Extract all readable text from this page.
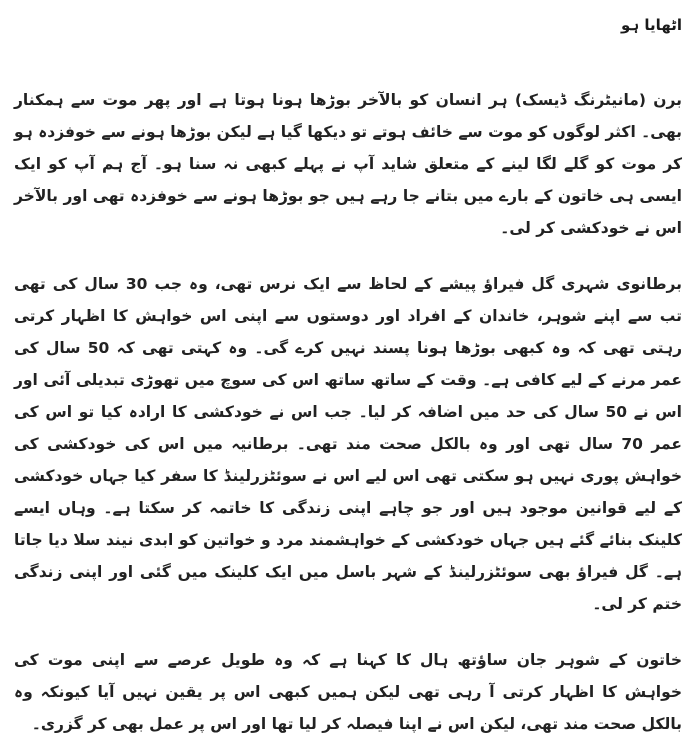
اٹھایا ہو

برن (مانیٹرنگ ڈیسک) ہر انسان کو بالآخر بوڑھا ہونا ہوتا ہے اور پھر موت سے ہمکنار بھی۔ اکثر لوگوں کو موت سے خائف ہوتے تو دیکھا گیا ہے لیکن بوڑھا ہونے سے خوفزدہ ہو کر موت کو گلے لگا لینے کے متعلق شاید آپ نے پہلے کبھی نہ سنا ہو۔ آج ہم آپ کو ایک ایسی ہی خاتون کے بارے میں بتانے جا رہے ہیں جو بوڑھا ہونے سے خوفزدہ تھی اور بالآخر اس نے خودکشی کر لی۔

برطانوی شہری گل فیراؤ پیشے کے لحاظ سے ایک نرس تھی، وہ جب 30 سال کی تھی تب سے اپنے شوہر، خاندان کے افراد اور دوستوں سے اپنی اس خواہش کا اظہار کرتی رہتی تھی کہ وہ کبھی بوڑھا ہونا پسند نہیں کرے گی۔ وہ کہتی تھی کہ 50 سال کی عمر مرنے کے لیے کافی ہے۔ وقت کے ساتھ ساتھ اس کی سوچ میں تھوڑی تبدیلی آئی اور اس نے 50 سال کی حد میں اضافہ کر لیا۔ جب اس نے خودکشی کا ارادہ کیا تو اس کی عمر 70 سال تھی اور وہ بالکل صحت مند تھی۔ برطانیہ میں اس کی خودکشی کی خواہش پوری نہیں ہو سکتی تھی اس لیے اس نے سوئٹزرلینڈ کا سفر کیا جہاں خودکشی کے لیے قوانین موجود ہیں اور جو چاہے اپنی زندگی کا خاتمہ کر سکتا ہے۔ وہاں ایسے کلینک بنائے گئے ہیں جہاں خودکشی کے خواہشمند مرد و خواتین کو ابدی نیند سلا دیا جاتا ہے۔ گل فیراؤ بھی سوئٹزرلینڈ کے شہر باسل میں ایک کلینک میں گئی اور اپنی زندگی ختم کر لی۔

خاتون کے شوہر جان ساؤتھ ہال کا کہنا ہے کہ وہ طویل عرصے سے اپنی موت کی خواہش کا اظہار کرتی آ رہی تھی لیکن ہمیں کبھی اس پر یقین نہیں آیا کیونکہ وہ بالکل صحت مند تھی، لیکن اس نے اپنا فیصلہ کر لیا تھا اور اس پر عمل بھی کر گزری۔
